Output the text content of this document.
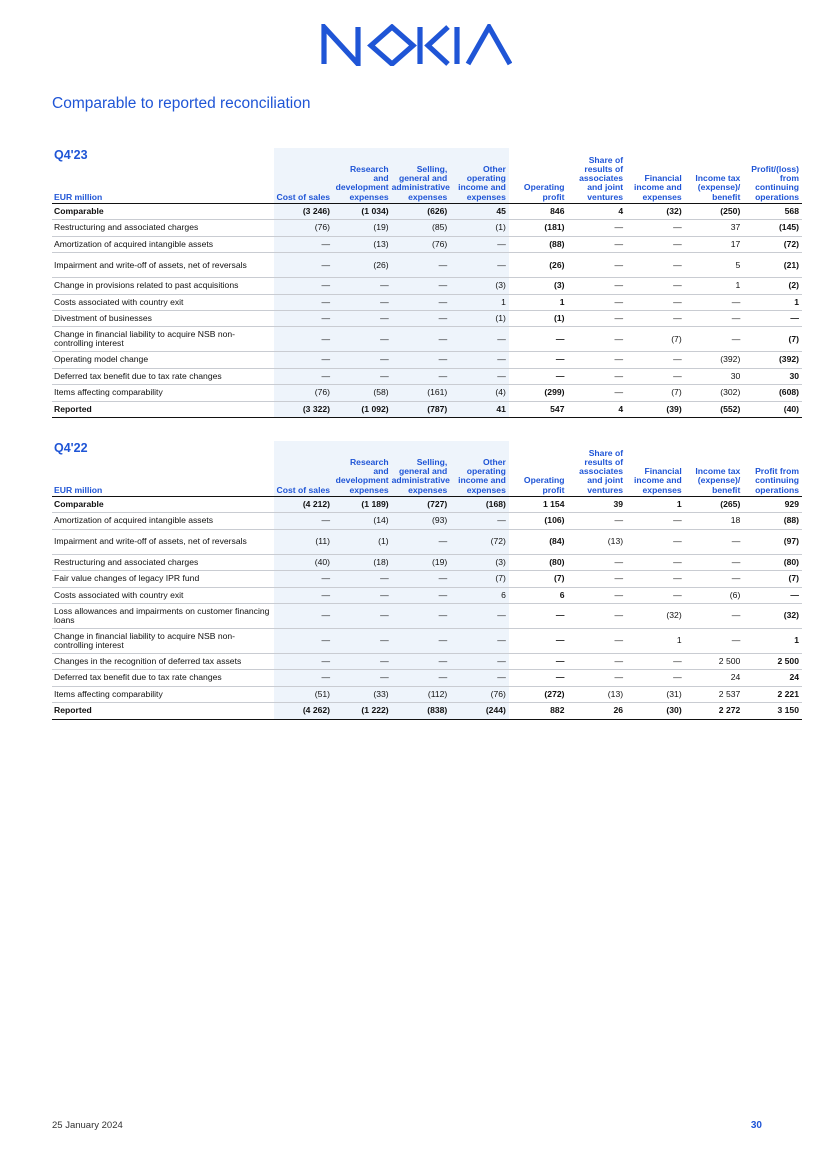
Comparable to reported reconciliation
Q4'23
EUR million	Cost of sales	Research and development expenses	Selling, general and administrative expenses	Other operating income and expenses	Operating profit	Share of results of associates and joint ventures	Financial income and expenses	Income tax (expense)/ benefit	Profit/(loss) from continuing operations
Comparable	(3 246)	(1 034)	(626)	45	846	4	(32)	(250)	568
Restructuring and associated charges	(76)	(19)	(85)	(1)	(181)	—	—	37	(145)
Amortization of acquired intangible assets	—	(13)	(76)	—	(88)	—	—	17	(72)
Impairment and write-off of assets, net of reversals	—	(26)	—	—	(26)	—	—	5	(21)
Change in provisions related to past acquisitions	—	—	—	(3)	(3)	—	—	1	(2)
Costs associated with country exit	—	—	—	1	1	—	—	—	1
Divestment of businesses	—	—	—	(1)	(1)	—	—	—	—
Change in financial liability to acquire NSB non-controlling interest	—	—	—	—	—	—	(7)	—	(7)
Operating model change	—	—	—	—	—	—	—	(392)	(392)
Deferred tax benefit due to tax rate changes	—	—	—	—	—	—	—	30	30
Items affecting comparability	(76)	(58)	(161)	(4)	(299)	—	(7)	(302)	(608)
Reported	(3 322)	(1 092)	(787)	41	547	4	(39)	(552)	(40)
Q4'22
EUR million	Cost of sales	Research and development expenses	Selling, general and administrative expenses	Other operating income and expenses	Operating profit	Share of results of associates and joint ventures	Financial income and expenses	Income tax (expense)/ benefit	Profit from continuing operations
Comparable	(4 212)	(1 189)	(727)	(168)	1 154	39	1	(265)	929
Amortization of acquired intangible assets	—	(14)	(93)	—	(106)	—	—	18	(88)
Impairment and write-off of assets, net of reversals	(11)	(1)	—	(72)	(84)	(13)	—	—	(97)
Restructuring and associated charges	(40)	(18)	(19)	(3)	(80)	—	—	—	(80)
Fair value changes of legacy IPR fund	—	—	—	(7)	(7)	—	—	—	(7)
Costs associated with country exit	—	—	—	6	6	—	—	(6)	—
Loss allowances and impairments on customer financing loans	—	—	—	—	—	—	(32)	—	(32)
Change in financial liability to acquire NSB non-controlling interest	—	—	—	—	—	—	1	—	1
Changes in the recognition of deferred tax assets	—	—	—	—	—	—	—	2 500	2 500
Deferred tax benefit due to tax rate changes	—	—	—	—	—	—	—	24	24
Items affecting comparability	(51)	(33)	(112)	(76)	(272)	(13)	(31)	2 537	2 221
Reported	(4 262)	(1 222)	(838)	(244)	882	26	(30)	2 272	3 150
25 January 2024	30
